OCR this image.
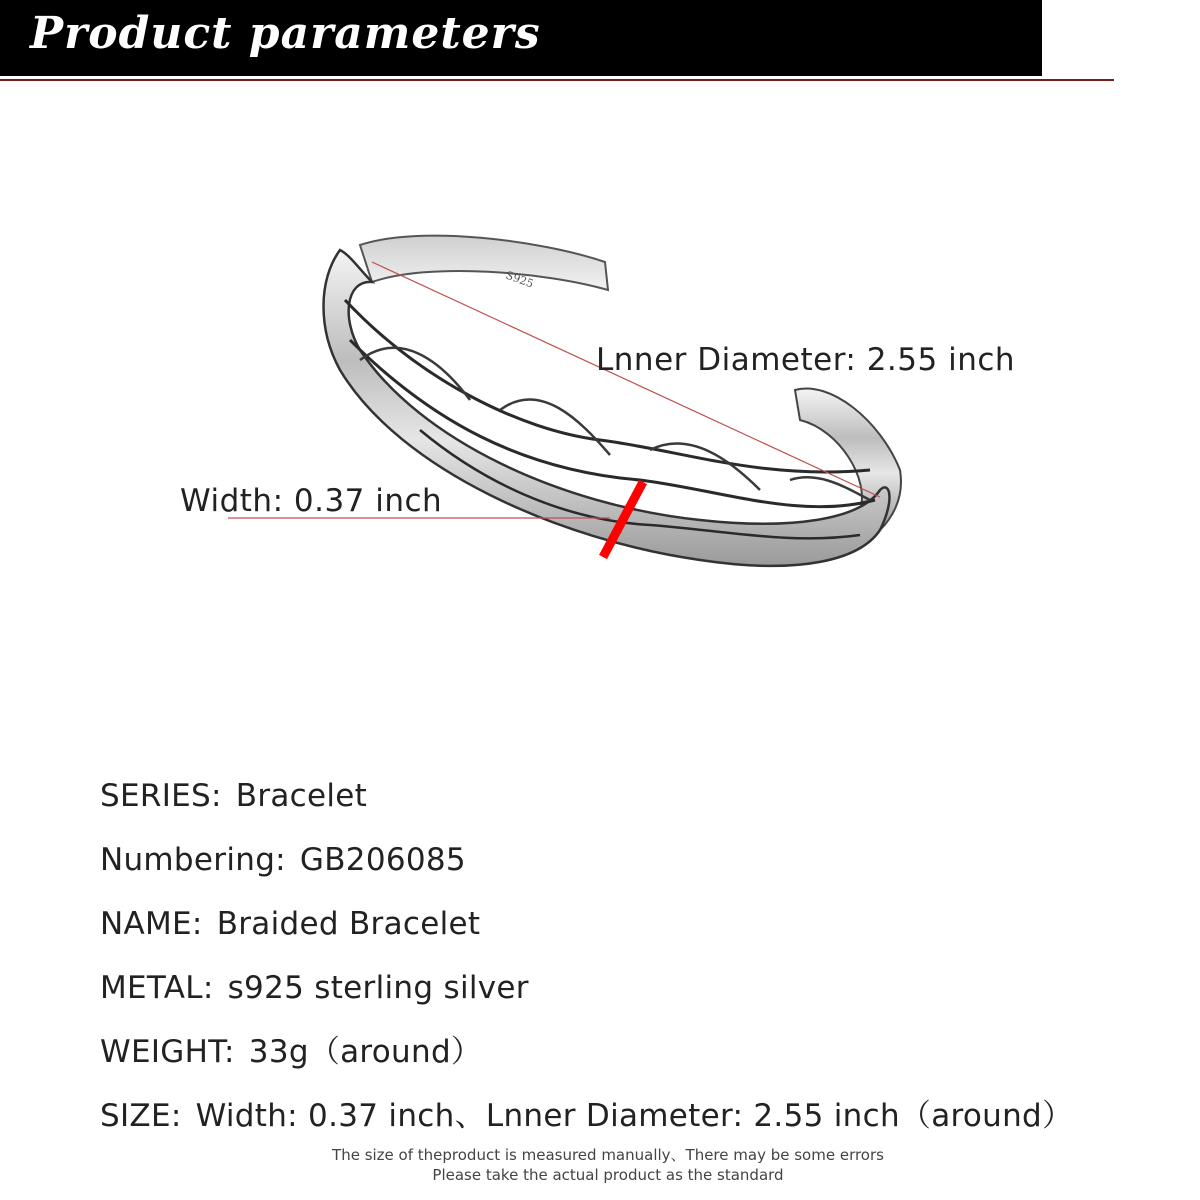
Product parameters
S925
Lnner Diameter: 2.55 inch
Width: 0.37 inch
SERIES: Bracelet
Numbering: GB206085
NAME: Braided Bracelet
METAL: s925 sterling silver
WEIGHT: 33g（around）
SIZE: Width: 0.37 inch、Lnner Diameter: 2.55 inch（around）
The size of theproduct is measured manually、There may be some errors
Please take the actual product as the standard
